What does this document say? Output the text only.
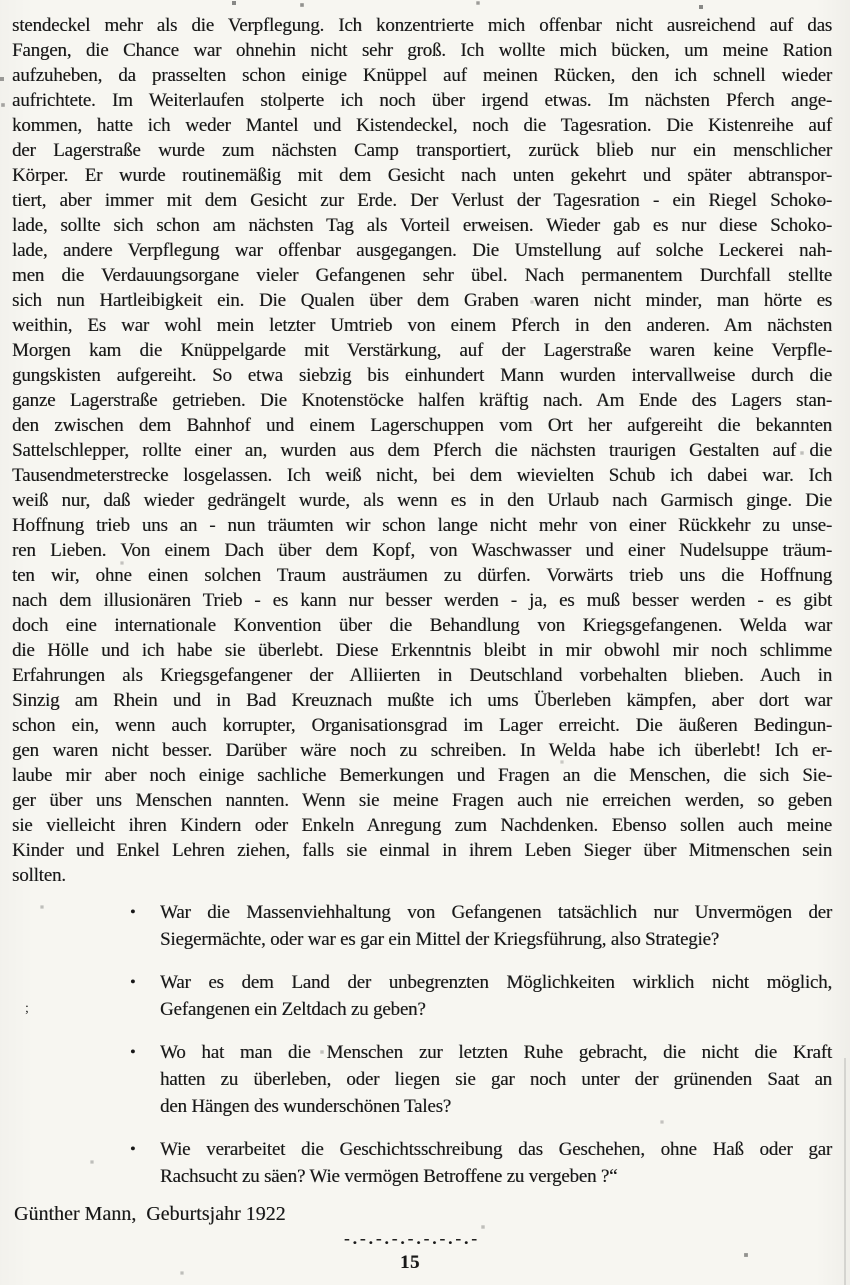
stendeckel mehr als die Verpflegung. Ich konzentrierte mich offenbar nicht ausreichend auf das
Fangen, die Chance war ohnehin nicht sehr groß. Ich wollte mich bücken, um meine Ration
aufzuheben, da prasselten schon einige Knüppel auf meinen Rücken, den ich schnell wieder
aufrichtete. Im Weiterlaufen stolperte ich noch über irgend etwas. Im nächsten Pferch ange-
kommen, hatte ich weder Mantel und Kistendeckel, noch die Tagesration. Die Kistenreihe auf
der Lagerstraße wurde zum nächsten Camp transportiert, zurück blieb nur ein menschlicher
Körper. Er wurde routinemäßig mit dem Gesicht nach unten gekehrt und später abtranspor-
tiert, aber immer mit dem Gesicht zur Erde. Der Verlust der Tagesration - ein Riegel Schoko-
lade, sollte sich schon am nächsten Tag als Vorteil erweisen. Wieder gab es nur diese Schoko-
lade, andere Verpflegung war offenbar ausgegangen. Die Umstellung auf solche Leckerei nah-
men die Verdauungsorgane vieler Gefangenen sehr übel. Nach permanentem Durchfall stellte
sich nun Hartleibigkeit ein. Die Qualen über dem Graben waren nicht minder, man hörte es
weithin, Es war wohl mein letzter Umtrieb von einem Pferch in den anderen. Am nächsten
Morgen kam die Knüppelgarde mit Verstärkung, auf der Lagerstraße waren keine Verpfle-
gungskisten aufgereiht. So etwa siebzig bis einhundert Mann wurden intervallweise durch die
ganze Lagerstraße getrieben. Die Knotenstöcke halfen kräftig nach. Am Ende des Lagers stan-
den zwischen dem Bahnhof und einem Lagerschuppen vom Ort her aufgereiht die bekannten
Sattelschlepper, rollte einer an, wurden aus dem Pferch die nächsten traurigen Gestalten auf die
Tausendmeterstrecke losgelassen. Ich weiß nicht, bei dem wievielten Schub ich dabei war. Ich
weiß nur, daß wieder gedrängelt wurde, als wenn es in den Urlaub nach Garmisch ginge. Die
Hoffnung trieb uns an - nun träumten wir schon lange nicht mehr von einer Rückkehr zu unse-
ren Lieben. Von einem Dach über dem Kopf, von Waschwasser und einer Nudelsuppe träum-
ten wir, ohne einen solchen Traum austräumen zu dürfen. Vorwärts trieb uns die Hoffnung
nach dem illusionären Trieb - es kann nur besser werden - ja, es muß besser werden - es gibt
doch eine internationale Konvention über die Behandlung von Kriegsgefangenen. Welda war
die Hölle und ich habe sie überlebt. Diese Erkenntnis bleibt in mir obwohl mir noch schlimme
Erfahrungen als Kriegsgefangener der Alliierten in Deutschland vorbehalten blieben. Auch in
Sinzig am Rhein und in Bad Kreuznach mußte ich ums Überleben kämpfen, aber dort war
schon ein, wenn auch korrupter, Organisationsgrad im Lager erreicht. Die äußeren Bedingun-
gen waren nicht besser. Darüber wäre noch zu schreiben. In Welda habe ich überlebt! Ich er-
laube mir aber noch einige sachliche Bemerkungen und Fragen an die Menschen, die sich Sie-
ger über uns Menschen nannten. Wenn sie meine Fragen auch nie erreichen werden, so geben
sie vielleicht ihren Kindern oder Enkeln Anregung zum Nachdenken. Ebenso sollen auch meine
Kinder und Enkel Lehren ziehen, falls sie einmal in ihrem Leben Sieger über Mitmenschen sein
sollten.
•	War die Massenviehhaltung von Gefangenen tatsächlich nur Unvermögen der
Siegermächte, oder war es gar ein Mittel der Kriegsführung, also Strategie?
•	War es dem Land der unbegrenzten Möglichkeiten wirklich nicht möglich,
Gefangenen ein Zeltdach zu geben?
•	Wo hat man die Menschen zur letzten Ruhe gebracht, die nicht die Kraft
hatten zu überleben, oder liegen sie gar noch unter der grünenden Saat an
den Hängen des wunderschönen Tales?
•	Wie verarbeitet die Geschichtsschreibung das Geschehen, ohne Haß oder gar
Rachsucht zu säen? Wie vermögen Betroffene zu vergeben ?“
Günther Mann,  Geburtsjahr 1922
-.-.-.-.-.-.-.-.-
15
;
